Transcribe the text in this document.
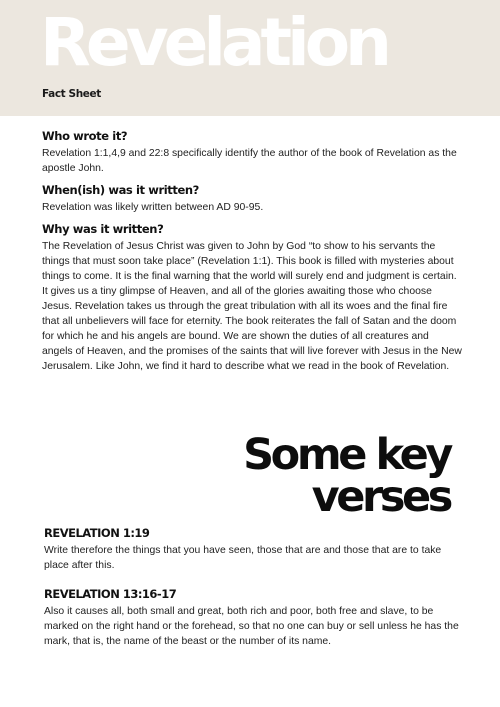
Revelation
Fact Sheet
Who wrote it?

Revelation 1:1,4,9 and 22:8 specifically identify the author of the book of Revelation as the apostle John.

When(ish) was it written?

Revelation was likely written between AD 90-95.

Why was it written?

The Revelation of Jesus Christ was given to John by God “to show to his servants the things that must soon take place” (Revelation 1:1). This book is filled with mysteries about things to come. It is the final warning that the world will surely end and judgment is certain. It gives us a tiny glimpse of Heaven, and all of the glories awaiting those who choose Jesus. Revelation takes us through the great tribulation with all its woes and the final fire that all unbelievers will face for eternity. The book reiterates the fall of Satan and the doom for which he and his angels are bound. We are shown the duties of all creatures and angels of Heaven, and the promises of the saints that will live forever with Jesus in the New Jerusalem. Like John, we find it hard to describe what we read in the book of Revelation.

Some key
verses
REVELATION 1:19

Write therefore the things that you have seen, those that are and those that are to take place after this.

REVELATION 13:16-17

Also it causes all, both small and great, both rich and poor, both free and slave, to be marked on the right hand or the forehead, so that no one can buy or sell unless he has the mark, that is, the name of the beast or the number of its name.
